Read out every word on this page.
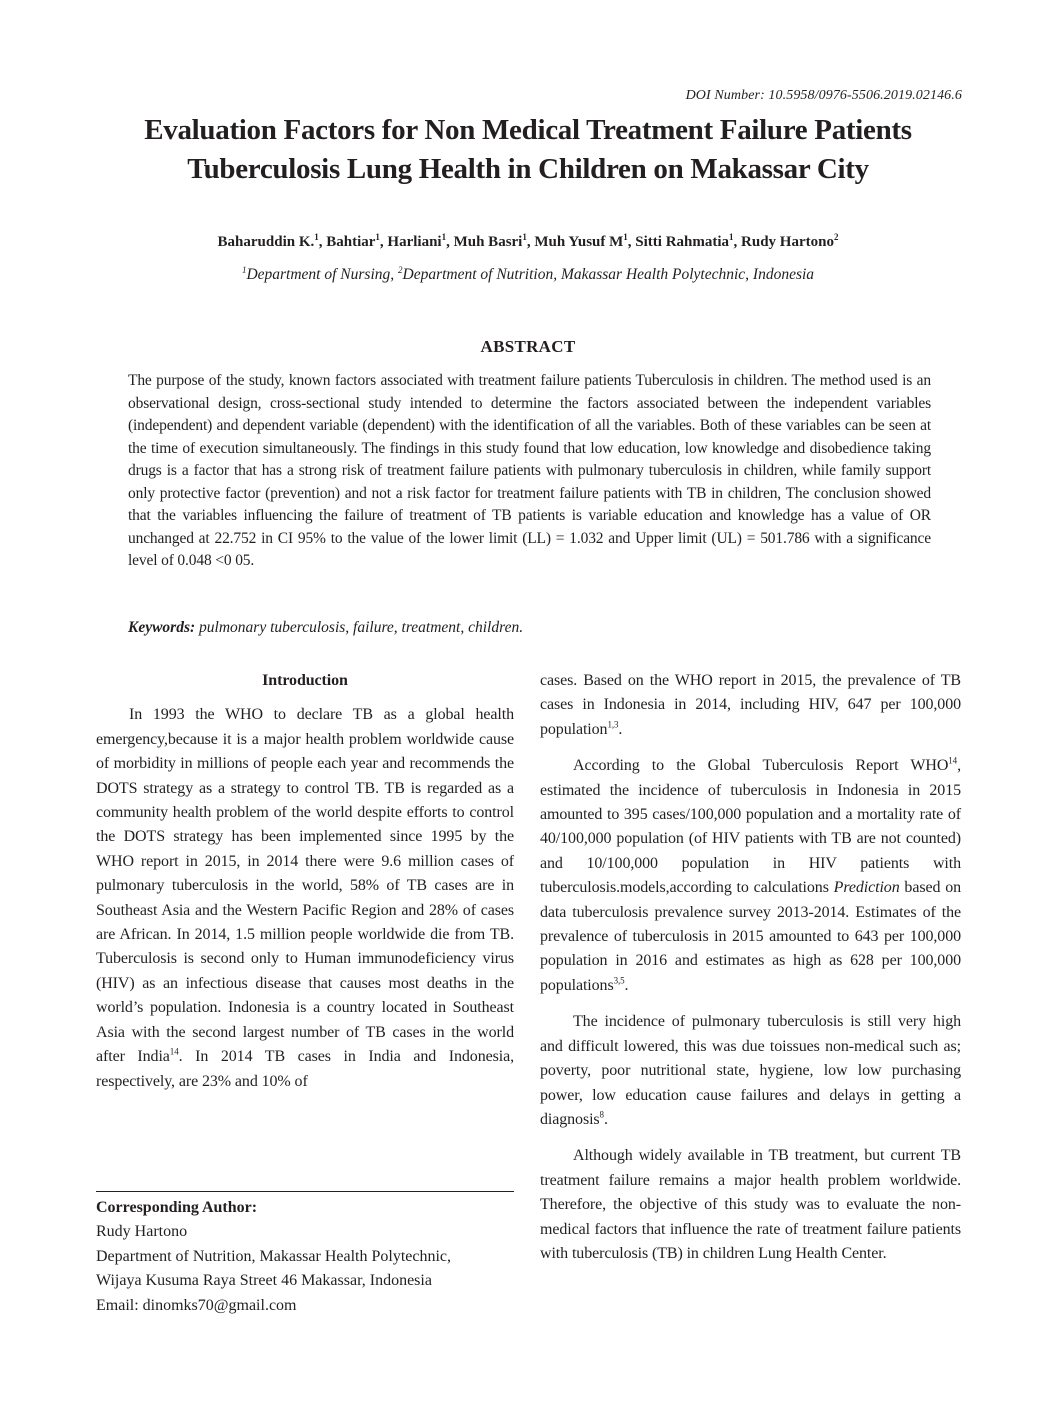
DOI Number: 10.5958/0976-5506.2019.02146.6
Evaluation Factors for Non Medical Treatment Failure Patients
Tuberculosis Lung Health in Children on Makassar City
Baharuddin K.$^1$, Bahtiar$^1$, Harliani$^1$, Muh Basri$^1$, Muh Yusuf $M^1$, Sitti Rahmatia$^1$, Rudy Hartono$^2$
$^1$Department of Nursing, $^2$Department of Nutrition, Makassar Health Polytechnic, Indonesia
ABSTRACT
The purpose of the study, known factors associated with treatment failure patients Tuberculosis in children. The method used is an observational design, cross-sectional study intended to determine the factors associated between the independent variables (independent) and dependent variable (dependent) with the identification of all the variables. Both of these variables can be seen at the time of execution simultaneously. The findings in this study found that low education, low knowledge and disobedience taking drugs is a factor that has a strong risk of treatment failure patients with pulmonary tuberculosis in children, while family support only protective factor (prevention) and not a risk factor for treatment failure patients with TB in children, The conclusion showed that the variables influencing the failure of treatment of TB patients is variable education and knowledge has a value of OR unchanged at 22.752 in CI 95% to the value of the lower limit (LL) = 1.032 and Upper limit (UL) = 501.786 with a significance level of 0.048 <0 05.
Keywords: pulmonary tuberculosis, failure, treatment, children.
Introduction

In 1993 the WHO to declare TB as a global health emergency,because it is a major health problem worldwide cause of morbidity in millions of people each year and recommends the DOTS strategy as a strategy to control TB. TB is regarded as a community health problem of the world despite efforts to control the DOTS strategy has been implemented since 1995 by the WHO report in 2015, in 2014 there were 9.6 million cases of pulmonary tuberculosis in the world, 58% of TB cases are in Southeast Asia and the Western Pacific Region and 28% of cases are African. In 2014, 1.5 million people worldwide die from TB. Tuberculosis is second only to Human immunodeficiency virus (HIV) as an infectious disease that causes most deaths in the world’s population. Indonesia is a country located in Southeast Asia with the second largest number of TB cases in the world after India$^{14}$. In 2014 TB cases in India and Indonesia, respectively, are 23% and 10% of

cases. Based on the WHO report in 2015, the prevalence of TB cases in Indonesia in 2014, including HIV, 647 per 100,000 population$^{1,3}$.

According to the Global Tuberculosis Report WHO$^{14}$, estimated the incidence of tuberculosis in Indonesia in 2015 amounted to 395 cases/100,000 population and a mortality rate of 40/100,000 population (of HIV patients with TB are not counted) and 10/100,000 population in HIV patients with tuberculosis.models,according to calculations Prediction based on data tuberculosis prevalence survey 2013-2014. Estimates of the prevalence of tuberculosis in 2015 amounted to 643 per 100,000 population in 2016 and estimates as high as 628 per 100,000 populations$^{3,5}$.

The incidence of pulmonary tuberculosis is still very high and difficult lowered, this was due toissues non-medical such as; poverty, poor nutritional state, hygiene, low low purchasing power, low education cause failures and delays in getting a diagnosis$^8$.

Although widely available in TB treatment, but current TB treatment failure remains a major health problem worldwide. Therefore, the objective of this study was to evaluate the non-medical factors that influence the rate of treatment failure patients with tuberculosis (TB) in children Lung Health Center.

Corresponding Author:
Rudy Hartono
Department of Nutrition, Makassar Health Polytechnic,
Wijaya Kusuma Raya Street 46 Makassar, Indonesia
Email: dinomks70@gmail.com
